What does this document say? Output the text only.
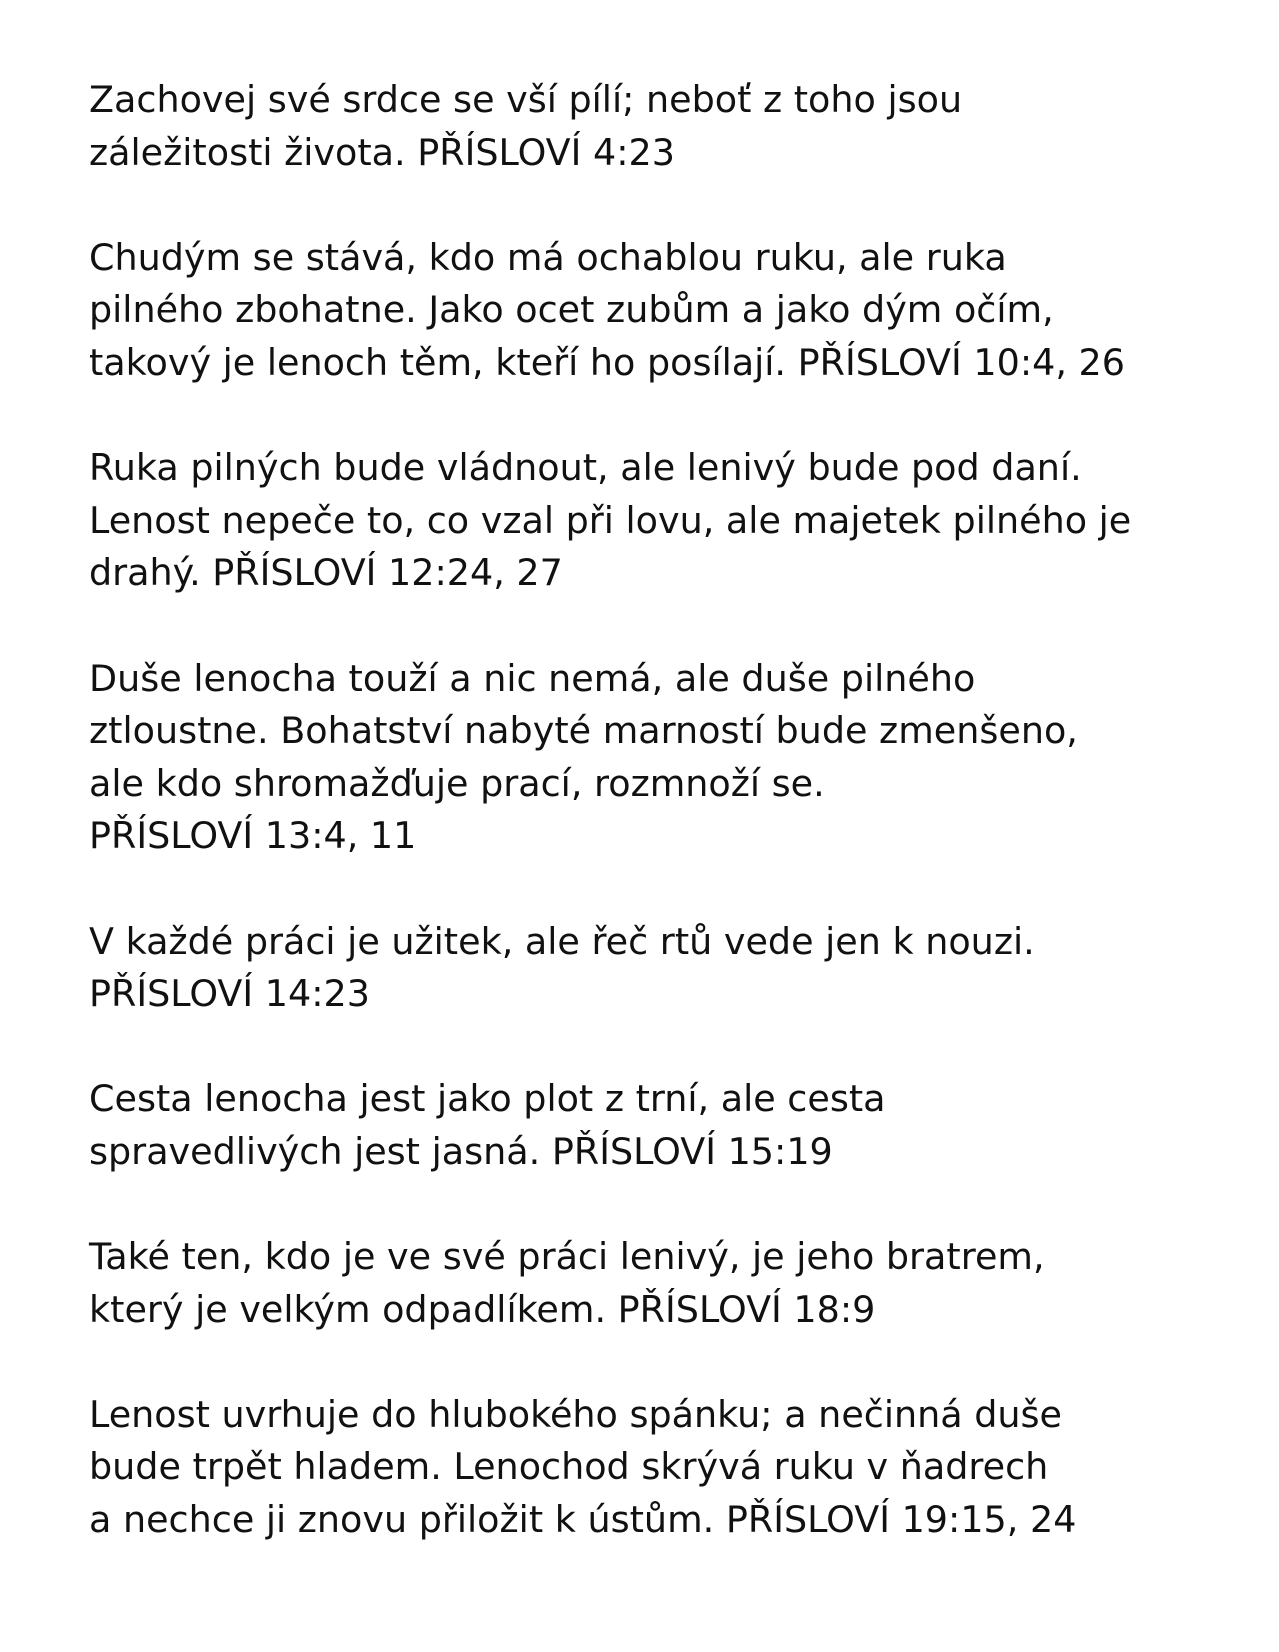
Zachovej své srdce se vší pílí; neboť z toho jsou
záležitosti života. PŘÍSLOVÍ 4:23
Chudým se stává, kdo má ochablou ruku, ale ruka
pilného zbohatne. Jako ocet zubům a jako dým očím,
takový je lenoch těm, kteří ho posílají. PŘÍSLOVÍ 10:4, 26
Ruka pilných bude vládnout, ale lenivý bude pod daní.
Lenost nepeče to, co vzal při lovu, ale majetek pilného je
drahý. PŘÍSLOVÍ 12:24, 27
Duše lenocha touží a nic nemá, ale duše pilného
ztloustne. Bohatství nabyté marností bude zmenšeno,
ale kdo shromažďuje prací, rozmnoží se.
PŘÍSLOVÍ 13:4, 11
V každé práci je užitek, ale řeč rtů vede jen k nouzi.
PŘÍSLOVÍ 14:23
Cesta lenocha jest jako plot z trní, ale cesta
spravedlivých jest jasná. PŘÍSLOVÍ 15:19
Také ten, kdo je ve své práci lenivý, je jeho bratrem,
který je velkým odpadlíkem. PŘÍSLOVÍ 18:9
Lenost uvrhuje do hlubokého spánku; a nečinná duše
bude trpět hladem. Lenochod skrývá ruku v ňadrech
a nechce ji znovu přiložit k ústům. PŘÍSLOVÍ 19:15, 24
